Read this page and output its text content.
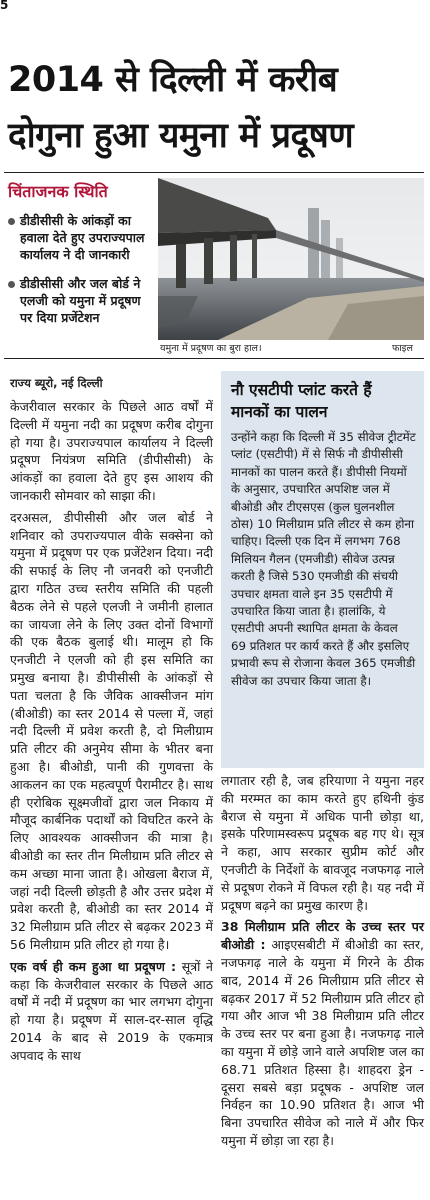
5
2014 से दिल्ली में करीब
दोगुना हुआ यमुना में प्रदूषण
चिंताजनक स्थिति
डीडीसीसी के आंकड़ों का हवाला देते हुए उपराज्यपाल कार्यालय ने दी जानकारी
डीडीसीसी और जल बोर्ड ने एलजी को यमुना में प्रदूषण पर दिया प्रजेंटेशन
यमुना में प्रदूषण का बुरा हाल।	फाइल
राज्य ब्यूरो, नई दिल्ली

केजरीवाल सरकार के पिछले आठ वर्षों में दिल्ली में यमुना नदी का प्रदूषण करीब दोगुना हो गया है। उपराज्यपाल कार्यालय ने दिल्ली प्रदूषण नियंत्रण समिति (डीपीसीसी) के आंकड़ों का हवाला देते हुए इस आशय की जानकारी सोमवार को साझा की।

दरअसल, डीपीसीसी और जल बोर्ड ने शनिवार को उपराज्यपाल वीके सक्सेना को यमुना में प्रदूषण पर एक प्रजेंटेशन दिया। नदी की सफाई के लिए नौ जनवरी को एनजीटी द्वारा गठित उच्च स्तरीय समिति की पहली बैठक लेने से पहले एलजी ने जमीनी हालात का जायजा लेने के लिए उक्त दोनों विभागों की एक बैठक बुलाई थी। मालूम हो कि एनजीटी ने एलजी को ही इस समिति का प्रमुख बनाया है। डीपीसीसी के आंकड़ों से पता चलता है कि जैविक आक्सीजन मांग (बीओडी) का स्तर 2014 से पल्ला में, जहां नदी दिल्ली में प्रवेश करती है, दो मिलीग्राम प्रति लीटर की अनुमेय सीमा के भीतर बना हुआ है। बीओडी, पानी की गुणवत्ता के आकलन का एक महत्वपूर्ण पैरामीटर है। साथ ही एरोबिक सूक्ष्मजीवों द्वारा जल निकाय में मौजूद कार्बनिक पदार्थों को विघटित करने के लिए आवश्यक आक्सीजन की मात्रा है। बीओडी का स्तर तीन मिलीग्राम प्रति लीटर से कम अच्छा माना जाता है। ओखला बैराज में, जहां नदी दिल्ली छोड़ती है और उत्तर प्रदेश में प्रवेश करती है, बीओडी का स्तर 2014 में 32 मिलीग्राम प्रति लीटर से बढ़कर 2023 में 56 मिलीग्राम प्रति लीटर हो गया है।

एक वर्ष ही कम हुआ था प्रदूषण : सूत्रों ने कहा कि केजरीवाल सरकार के पिछले आठ वर्षों में नदी में प्रदूषण का भार लगभग दोगुना हो गया है। प्रदूषण में साल-दर-साल वृद्धि 2014 के बाद से 2019 के एकमात्र अपवाद के साथ

नौ एसटीपी प्लांट करते हैं मानकों का पालन
उन्होंने कहा कि दिल्ली में 35 सीवेज ट्रीटमेंट प्लांट (एसटीपी) में से सिर्फ नौ डीपीसीसी मानकों का पालन करते हैं। डीपीसी नियमों के अनुसार, उपचारित अपशिष्ट जल में बीओडी और टीएसएस (कुल घुलनशील ठोस) 10 मिलीग्राम प्रति लीटर से कम होना चाहिए। दिल्ली एक दिन में लगभग 768 मिलियन गैलन (एमजीडी) सीवेज उत्पन्न करती है जिसे 530 एमजीडी की संचयी उपचार क्षमता वाले इन 35 एसटीपी में उपचारित किया जाता है। हालांकि, ये एसटीपी अपनी स्थापित क्षमता के केवल 69 प्रतिशत पर कार्य करते हैं और इसलिए प्रभावी रूप से रोजाना केवल 365 एमजीडी सीवेज का उपचार किया जाता है।

लगातार रही है, जब हरियाणा ने यमुना नहर की मरम्मत का काम करते हुए हथिनी कुंड बैराज से यमुना में अधिक पानी छोड़ा था, इसके परिणामस्वरूप प्रदूषक बह गए थे। सूत्र ने कहा, आप सरकार सुप्रीम कोर्ट और एनजीटी के निर्देशों के बावजूद नजफगढ़ नाले से प्रदूषण रोकने में विफल रही है। यह नदी में प्रदूषण बढ़ने का प्रमुख कारण है।

38 मिलीग्राम प्रति लीटर के उच्च स्तर पर बीओडी : आइएसबीटी में बीओडी का स्तर, नजफगढ़ नाले के यमुना में गिरने के ठीक बाद, 2014 में 26 मिलीग्राम प्रति लीटर से बढ़कर 2017 में 52 मिलीग्राम प्रति लीटर हो गया और आज भी 38 मिलीग्राम प्रति लीटर के उच्च स्तर पर बना हुआ है। नजफगढ़ नाले का यमुना में छोड़े जाने वाले अपशिष्ट जल का 68.71 प्रतिशत हिस्सा है। शाहदरा ड्रेन - दूसरा सबसे बड़ा प्रदूषक - अपशिष्ट जल निर्वहन का 10.90 प्रतिशत है। आज भी बिना उपचारित सीवेज को नाले में और फिर यमुना में छोड़ा जा रहा है।
